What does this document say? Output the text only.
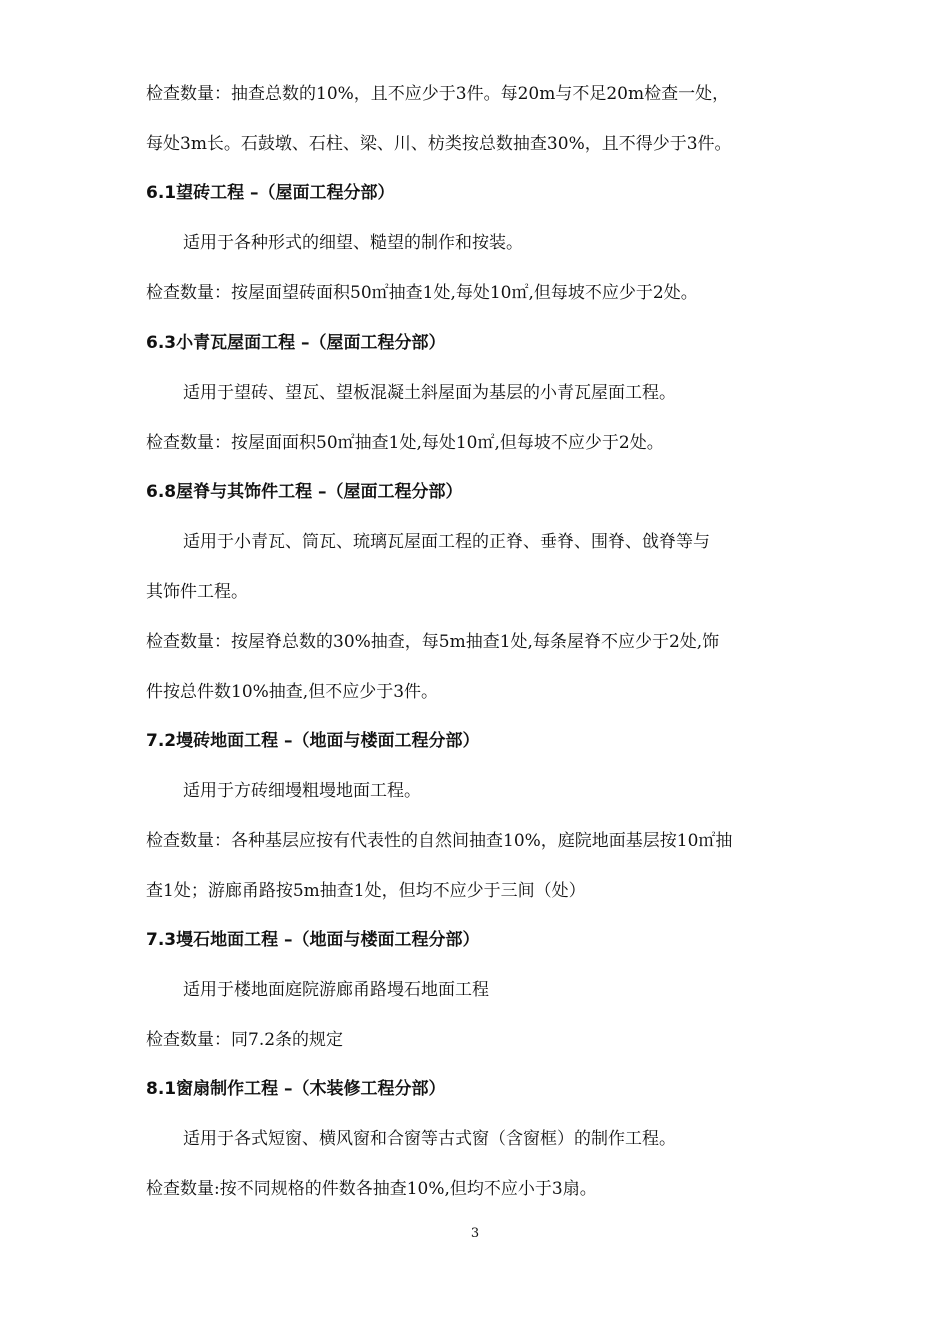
检查数量：抽查总数的10%，且不应少于3件。每20m与不足20m检查一处，
每处3m长。石鼓墩、石柱、梁、川、枋类按总数抽查30%，且不得少于3件。
6.1望砖工程 –（屋面工程分部）
适用于各种形式的细望、糙望的制作和按装。
检查数量：按屋面望砖面积50㎡抽查1处,每处10㎡,但每坡不应少于2处。
6.3小青瓦屋面工程 –（屋面工程分部）
适用于望砖、望瓦、望板混凝土斜屋面为基层的小青瓦屋面工程。
检查数量：按屋面面积50㎡抽查1处,每处10㎡,但每坡不应少于2处。
6.8屋脊与其饰件工程 –（屋面工程分部）
适用于小青瓦、筒瓦、琉璃瓦屋面工程的正脊、垂脊、围脊、戗脊等与
其饰件工程。
检查数量：按屋脊总数的30%抽查，每5m抽查1处,每条屋脊不应少于2处,饰
件按总件数10%抽查,但不应少于3件。
7.2墁砖地面工程 –（地面与楼面工程分部）
适用于方砖细墁粗墁地面工程。
检查数量：各种基层应按有代表性的自然间抽查10%，庭院地面基层按10㎡抽
查1处；游廊甬路按5m抽查1处，但均不应少于三间（处）
7.3墁石地面工程 –（地面与楼面工程分部）
适用于楼地面庭院游廊甬路墁石地面工程
检查数量：同7.2条的规定
8.1窗扇制作工程 –（木装修工程分部）
适用于各式短窗、横风窗和合窗等古式窗（含窗框）的制作工程。
检查数量:按不同规格的件数各抽查10%,但均不应小于3扇。
3
